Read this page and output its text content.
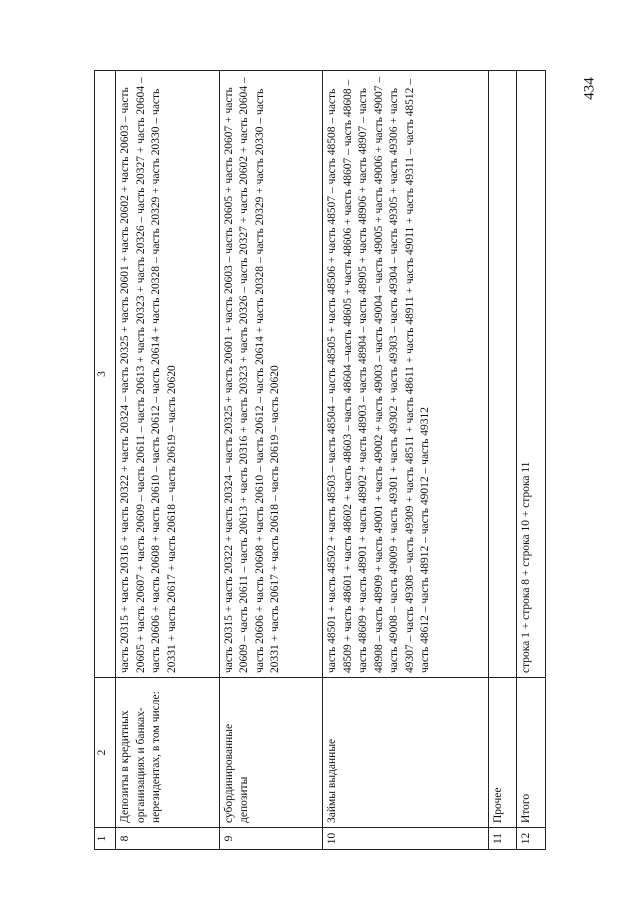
434
1	2	3
8	Депозиты в кредитных организациях и банках-нерезидентах, в том числе:	часть 20315 + часть 20316 + часть 20322 + часть 20324 – часть 20325 + часть 20601 + часть 20602 + часть 20603 – часть 20605 + часть 20607 + часть 20609 – часть 20611 – часть 20613 + часть 20323 + часть 20326 – часть 20327 + часть 20604 – часть 20606 + часть 20608 + часть 20610 – часть 20612 – часть 20614 + часть 20328 – часть 20329 + часть 20330 – часть 20331 + часть 20617 + часть 20618 – часть 20619 – часть 20620
9	субординированные депозиты	часть 20315 + часть 20322 + часть 20324 – часть 20325 + часть 20601 + часть 20603 – часть 20605 + часть 20607 + часть 20609 – часть 20611 – часть 20613 + часть 20316 + часть 20323 + часть 20326 – часть 20327 + часть 20602 + часть 20604 – часть 20606 + часть 20608 + часть 20610 – часть 20612 – часть 20614 + часть 20328 – часть 20329 + часть 20330 – часть 20331 + часть 20617 + часть 20618 – часть 20619 – часть 20620
10	Займы выданные	часть 48501 + часть 48502 + часть 48503 – часть 48504 – часть 48505 + часть 48506 + часть 48507 – часть 48508 – часть 48509 + часть 48601 + часть 48602 + часть 48603 – часть 48604 –часть 48605 + часть 48606 + часть 48607 – часть 48608 –часть 48609 + часть 48901 + часть 48902 + часть 48903 – часть 48904 – часть 48905 + часть 48906 + часть 48907 – часть 48908 – часть 48909 + часть 49001 + часть 49002 + часть 49003 – часть 49004 – часть 49005 + часть 49006 + часть 49007 – часть 49008 – часть 49009 + часть 49301 + часть 49302 + часть 49303 – часть 49304 – часть 49305 + часть 49306 + часть 49307 – часть 49308 – часть 49309 + часть 48511 + часть 48611 + часть 48911 + часть 49011 + часть 49311 – часть 48512 – часть 48612 – часть 48912 – часть 49012 – часть 49312
11	Прочее	
12	Итого	строка 1 + строка 8 + строка 10 + строка 11
